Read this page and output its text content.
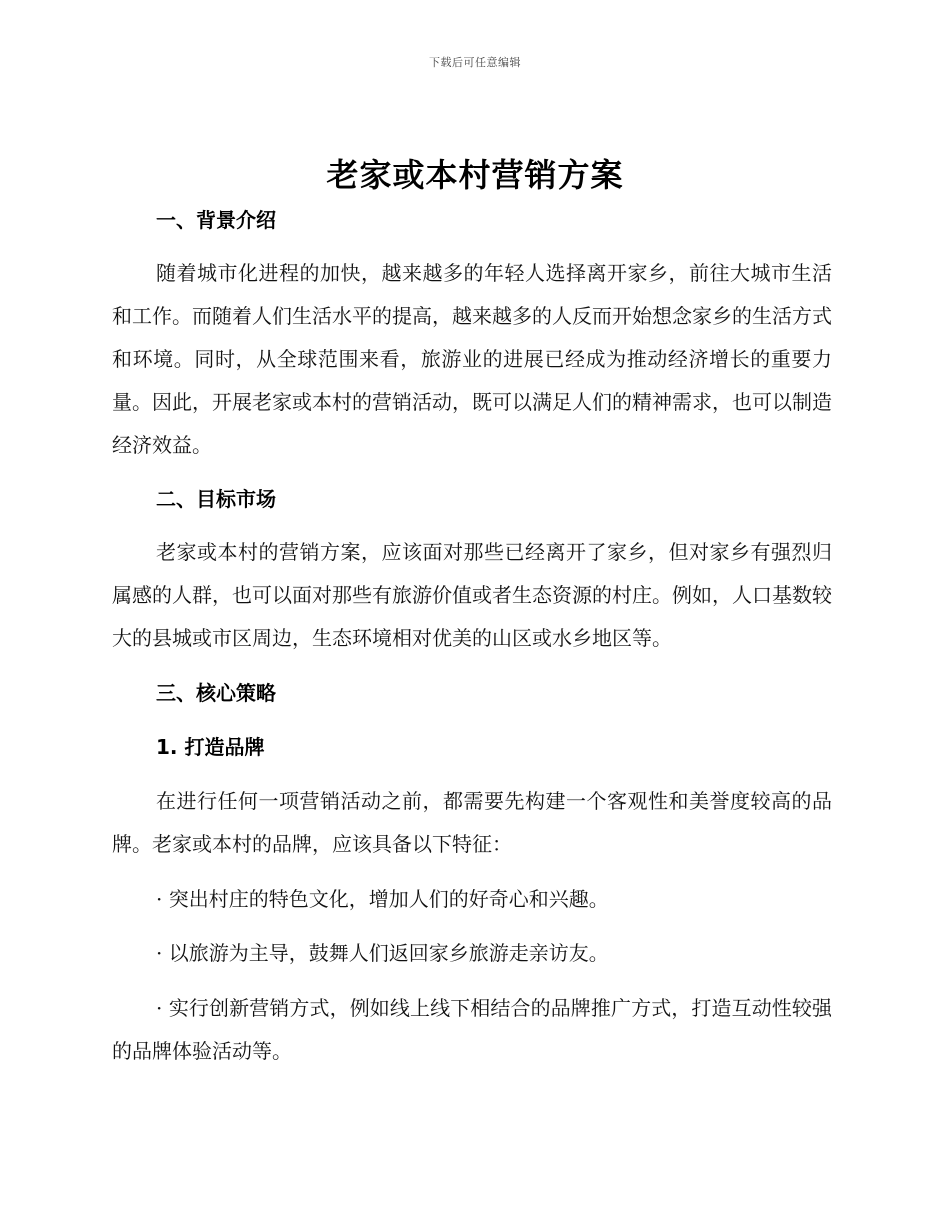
下载后可任意编辑
老家或本村营销方案
一、背景介绍
随着城市化进程的加快，越来越多的年轻人选择离开家乡，前往大城市生活和工作。而随着人们生活水平的提高，越来越多的人反而开始想念家乡的生活方式和环境。同时，从全球范围来看，旅游业的进展已经成为推动经济增长的重要力量。因此，开展老家或本村的营销活动，既可以满足人们的精神需求，也可以制造经济效益。
二、目标市场
老家或本村的营销方案，应该面对那些已经离开了家乡，但对家乡有强烈归属感的人群，也可以面对那些有旅游价值或者生态资源的村庄。例如，人口基数较大的县城或市区周边，生态环境相对优美的山区或水乡地区等。
三、核心策略
1. 打造品牌
在进行任何一项营销活动之前，都需要先构建一个客观性和美誉度较高的品牌。老家或本村的品牌，应该具备以下特征：
· 突出村庄的特色文化，增加人们的好奇心和兴趣。
· 以旅游为主导，鼓舞人们返回家乡旅游走亲访友。
· 实行创新营销方式，例如线上线下相结合的品牌推广方式，打造互动性较强的品牌体验活动等。
